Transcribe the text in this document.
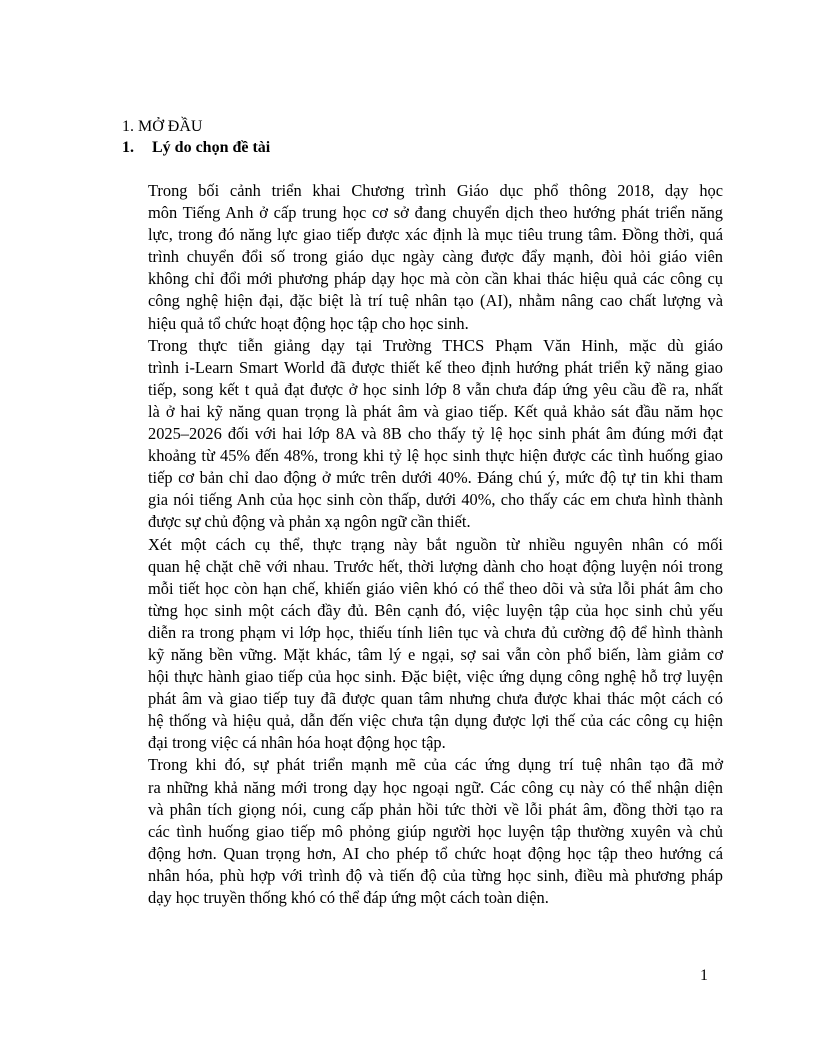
1. MỞ ĐẦU
1. Lý do chọn đề tài
Trong bối cảnh triển khai Chương trình Giáo dục phổ thông 2018, dạy học
môn Tiếng Anh ở cấp trung học cơ sở đang chuyển dịch theo hướng phát triển năng
lực, trong đó năng lực giao tiếp được xác định là mục tiêu trung tâm. Đồng thời, quá
trình chuyển đổi số trong giáo dục ngày càng được đẩy mạnh, đòi hỏi giáo viên
không chỉ đổi mới phương pháp dạy học mà còn cần khai thác hiệu quả các công cụ
công nghệ hiện đại, đặc biệt là trí tuệ nhân tạo (AI), nhằm nâng cao chất lượng và
hiệu quả tổ chức hoạt động học tập cho học sinh.
Trong thực tiễn giảng dạy tại Trường THCS Phạm Văn Hinh, mặc dù giáo
trình i-Learn Smart World đã được thiết kế theo định hướng phát triển kỹ năng giao
tiếp, song kết t quả đạt được ở học sinh lớp 8 vẫn chưa đáp ứng yêu cầu đề ra, nhất
là ở hai kỹ năng quan trọng là phát âm và giao tiếp. Kết quả khảo sát đầu năm học
2025–2026 đối với hai lớp 8A và 8B cho thấy tỷ lệ học sinh phát âm đúng mới đạt
khoảng từ 45% đến 48%, trong khi tỷ lệ học sinh thực hiện được các tình huống giao
tiếp cơ bản chỉ dao động ở mức trên dưới 40%. Đáng chú ý, mức độ tự tin khi tham
gia nói tiếng Anh của học sinh còn thấp, dưới 40%, cho thấy các em chưa hình thành
được sự chủ động và phản xạ ngôn ngữ cần thiết.
Xét một cách cụ thể, thực trạng này bắt nguồn từ nhiều nguyên nhân có mối
quan hệ chặt chẽ với nhau. Trước hết, thời lượng dành cho hoạt động luyện nói trong
mỗi tiết học còn hạn chế, khiến giáo viên khó có thể theo dõi và sửa lỗi phát âm cho
từng học sinh một cách đầy đủ. Bên cạnh đó, việc luyện tập của học sinh chủ yếu
diễn ra trong phạm vi lớp học, thiếu tính liên tục và chưa đủ cường độ để hình thành
kỹ năng bền vững. Mặt khác, tâm lý e ngại, sợ sai vẫn còn phổ biến, làm giảm cơ
hội thực hành giao tiếp của học sinh. Đặc biệt, việc ứng dụng công nghệ hỗ trợ luyện
phát âm và giao tiếp tuy đã được quan tâm nhưng chưa được khai thác một cách có
hệ thống và hiệu quả, dẫn đến việc chưa tận dụng được lợi thế của các công cụ hiện
đại trong việc cá nhân hóa hoạt động học tập.
Trong khi đó, sự phát triển mạnh mẽ của các ứng dụng trí tuệ nhân tạo đã mở
ra những khả năng mới trong dạy học ngoại ngữ. Các công cụ này có thể nhận diện
và phân tích giọng nói, cung cấp phản hồi tức thời về lỗi phát âm, đồng thời tạo ra
các tình huống giao tiếp mô phỏng giúp người học luyện tập thường xuyên và chủ
động hơn. Quan trọng hơn, AI cho phép tổ chức hoạt động học tập theo hướng cá
nhân hóa, phù hợp với trình độ và tiến độ của từng học sinh, điều mà phương pháp
dạy học truyền thống khó có thể đáp ứng một cách toàn diện.
1
